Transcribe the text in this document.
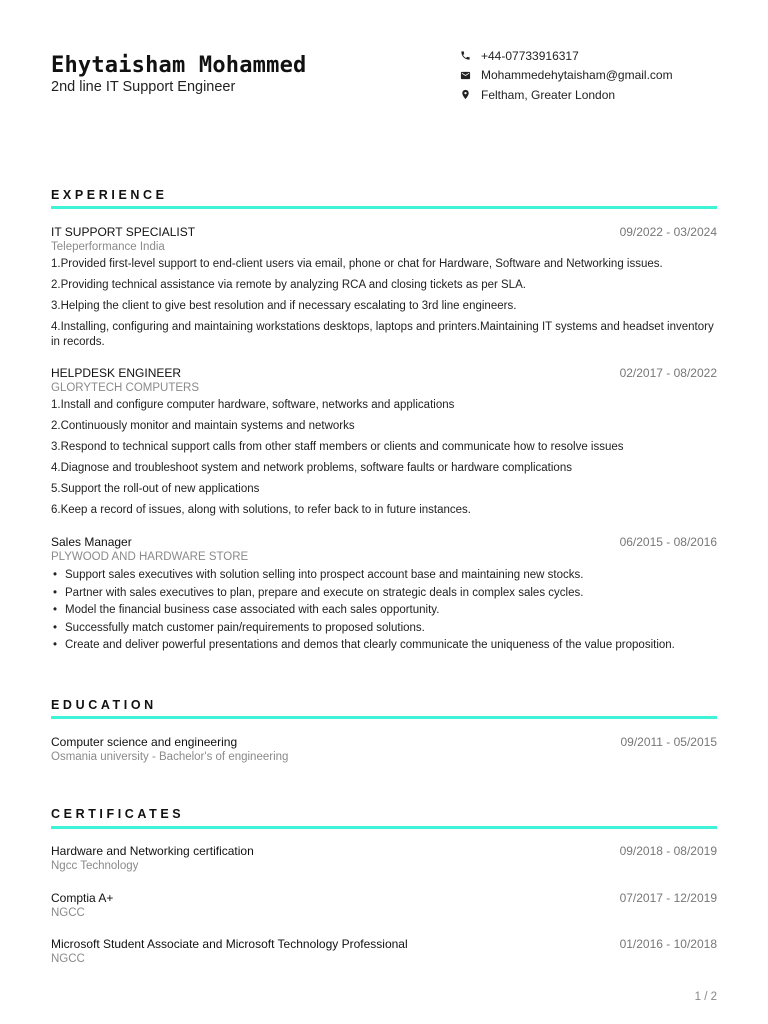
Ehytaisham Mohammed
2nd line IT Support Engineer
+44-07733916317
Mohammedehytaisham@gmail.com
Feltham, Greater London
EXPERIENCE
IT SUPPORT SPECIALIST	09/2022 - 03/2024
Teleperformance India
1.Provided first-level support to end-client users via email, phone or chat for Hardware, Software and Networking issues.
2.Providing technical assistance via remote by analyzing RCA and closing tickets as per SLA.
3.Helping the client to give best resolution and if necessary escalating to 3rd line engineers.
4.Installing, configuring and maintaining workstations desktops, laptops and printers.Maintaining IT systems and headset inventory in records.
HELPDESK ENGINEER	02/2017 - 08/2022
GLORYTECH COMPUTERS
1.Install and configure computer hardware, software, networks and applications
2.Continuously monitor and maintain systems and networks
3.Respond to technical support calls from other staff members or clients and communicate how to resolve issues
4.Diagnose and troubleshoot system and network problems, software faults or hardware complications
5.Support the roll-out of new applications
6.Keep a record of issues, along with solutions, to refer back to in future instances.
Sales Manager	06/2015 - 08/2016
PLYWOOD AND HARDWARE STORE
• Support sales executives with solution selling into prospect account base and maintaining new stocks.
• Partner with sales executives to plan, prepare and execute on strategic deals in complex sales cycles.
• Model the financial business case associated with each sales opportunity.
• Successfully match customer pain/requirements to proposed solutions.
• Create and deliver powerful presentations and demos that clearly communicate the uniqueness of the value proposition.
EDUCATION
Computer science and engineering	09/2011 - 05/2015
Osmania university - Bachelor's of engineering
CERTIFICATES
Hardware and Networking certification	09/2018 - 08/2019
Ngcc Technology
Comptia A+	07/2017 - 12/2019
NGCC
Microsoft Student Associate and Microsoft Technology Professional	01/2016 - 10/2018
NGCC
1 / 2
